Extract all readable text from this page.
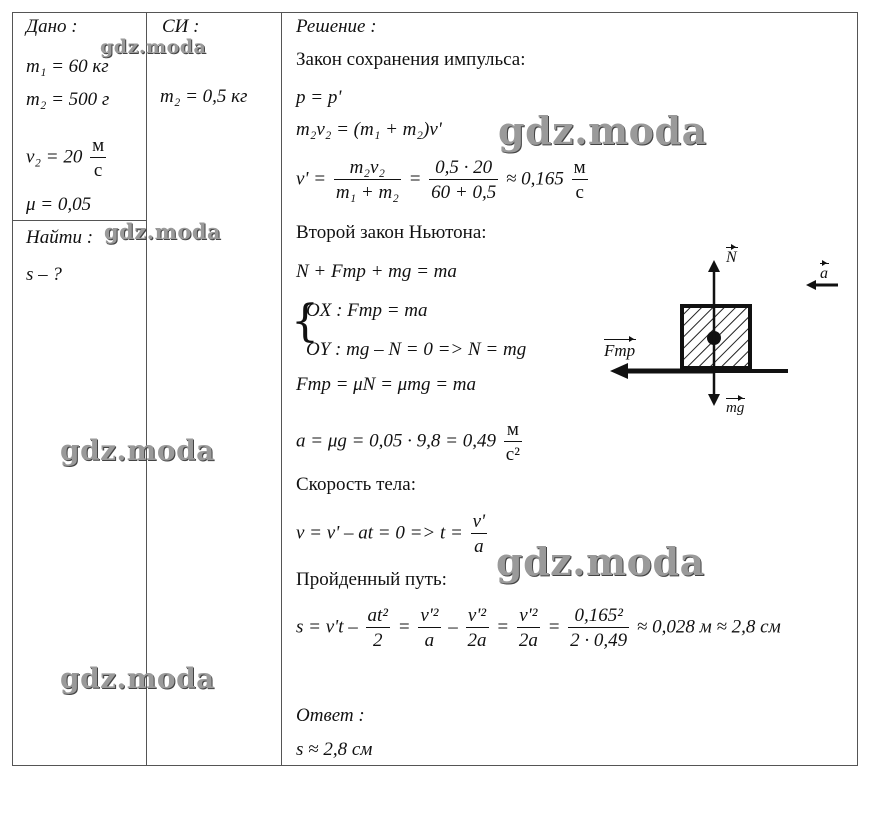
Дано :
m₁ = 60 кг
m₂ = 500 г
$v_2 = 20 \frac{м}{с}$
μ = 0,05
Найти :
s – ?
СИ :
m₂ = 0,5 кг
Решение :
Закон сохранения импульса:
p = p'
m₂v₂ = (m₁ + m₂)v'
$v' = \frac{\text{m₂v₂}}{\text{m₁ + m₂}} = \frac{0,5 \cdot 20}{60 + 0,5} \approx 0,165 \frac{м}{с}$
Второй закон Ньютона:
N + Fтр + mg = ma
{
OX : Fтр = ma
OY : mg – N = 0 => N = mg
Fтр = μN = μmg = ma
$a = \mu g = 0,05 \cdot 9,8 = 0,49 \frac{м}{\text{с²}}$
Скорость тела:
v = v' – at = $0 => t = \frac{v'}{a}$
Пройденный путь:
$s = v't - \frac{\text{at²}}{2} = \frac{\text{v'²}}{a} - \frac{\text{v'²}}{2a} = \frac{\text{v'²}}{2a} = \frac{\text{0,165²}}{2 \cdot 0,49} \approx 0,028$ м ≈ 2,8 см
Ответ :
s ≈ 2,8 см
N
a
Fтр
mg
gdz.moda
gdz.moda
gdz.moda
gdz.moda
gdz.moda
gdz.moda
